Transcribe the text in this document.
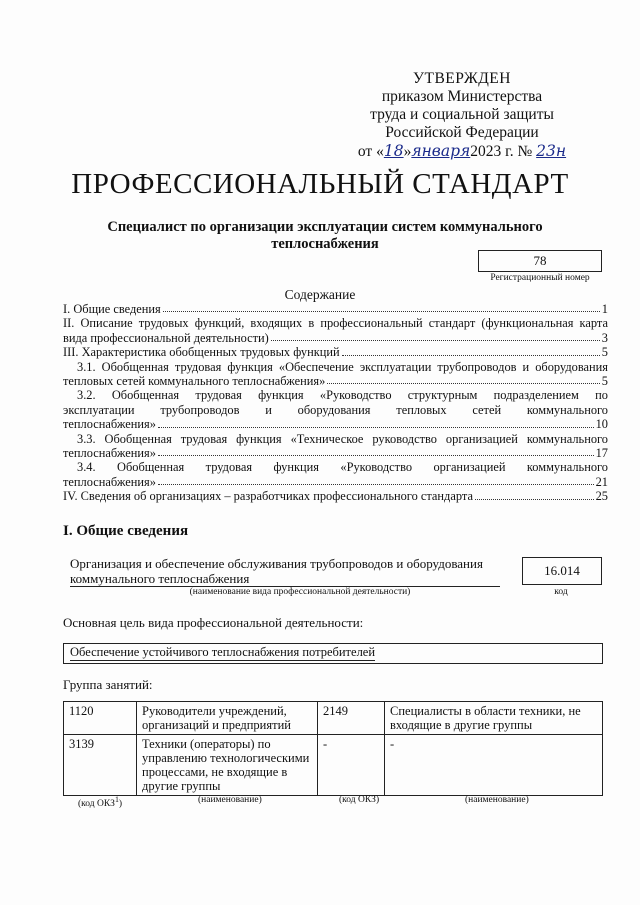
УТВЕРЖДЕН
приказом Министерства
труда и социальной защиты
Российской Федерации
от «18»января2023 г. № 23н
ПРОФЕССИОНАЛЬНЫЙ СТАНДАРТ
Специалист по организации эксплуатации систем коммунального теплоснабжения
78
Регистрационный номер
Содержание
I. Общие сведения	1
II. Описание трудовых функций, входящих в профессиональный стандарт (функциональная карта
вида профессиональной деятельности)	3
III. Характеристика обобщенных трудовых функций	5
3.1. Обобщенная трудовая функция «Обеспечение эксплуатации трубопроводов и оборудования
тепловых сетей коммунального теплоснабжения»	5
3.2. Обобщенная трудовая функция «Руководство структурным подразделением по
эксплуатации трубопроводов и оборудования тепловых сетей коммунального
теплоснабжения»	10
3.3. Обобщенная трудовая функция «Техническое руководство организацией коммунального
теплоснабжения»	17
3.4. Обобщенная трудовая функция «Руководство организацией коммунального
теплоснабжения»	21
IV. Сведения об организациях – разработчиках профессионального стандарта	25
I. Общие сведения
Организация и обеспечение обслуживания трубопроводов и оборудования коммунального теплоснабжения
(наименование вида профессиональной деятельности)
16.014
код
Основная цель вида профессиональной деятельности:
Обеспечение устойчивого теплоснабжения потребителей
Группа занятий:
1120	Руководители учреждений, организаций и предприятий	2149	Специалисты в области техники, не входящие в другие группы
3139	Техники (операторы) по управлению технологическими процессами, не входящие в другие группы	-	-
(код ОКЗ$^1$)	(наименование)	(код ОКЗ)	(наименование)
